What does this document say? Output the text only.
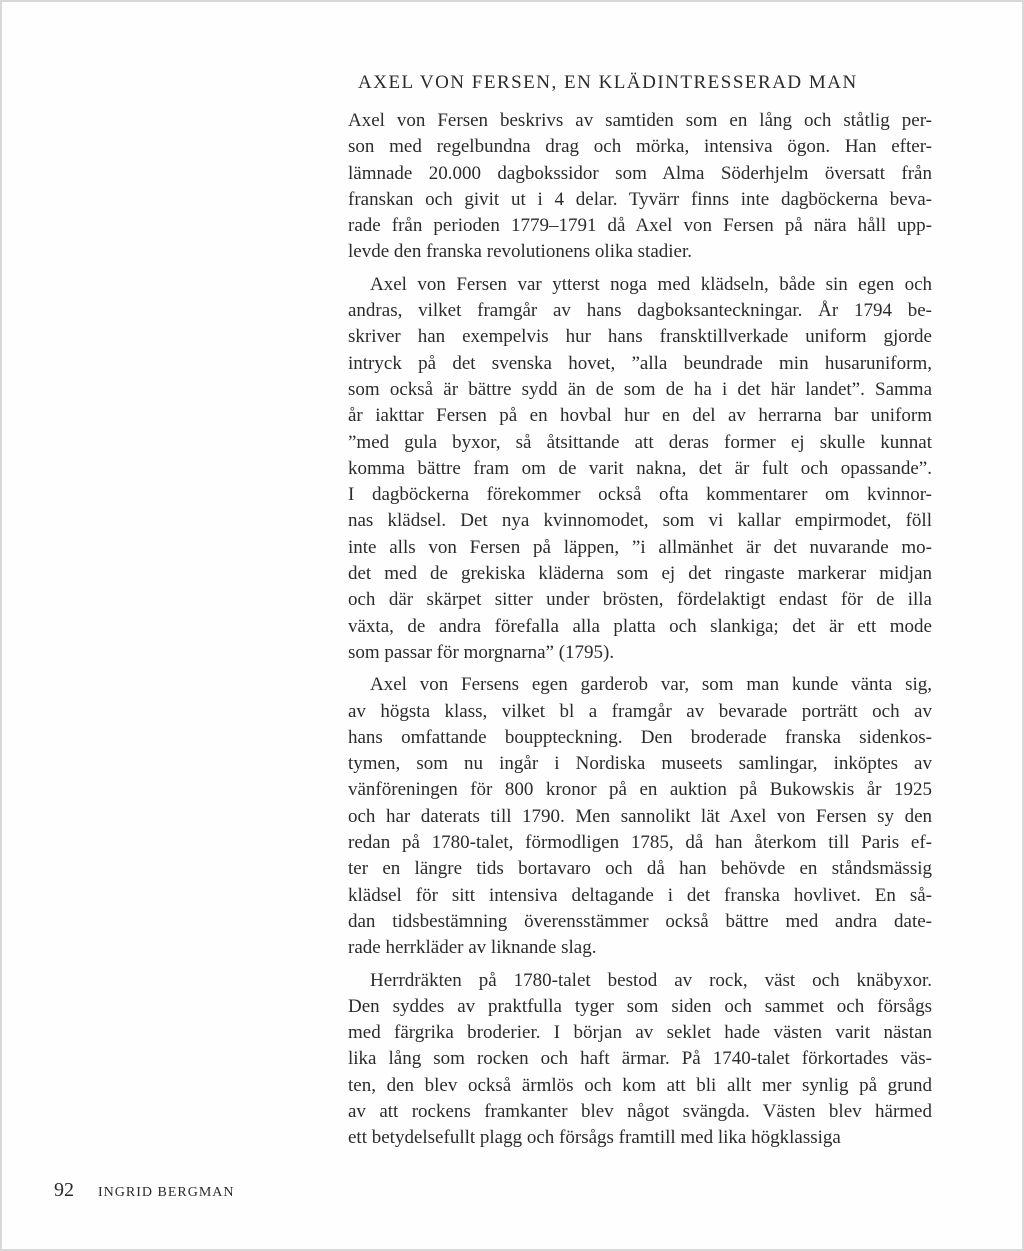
AXEL VON FERSEN, EN KLÄDINTRESSERAD MAN
Axel von Fersen beskrivs av samtiden som en lång och ståtlig per-
son med regelbundna drag och mörka, intensiva ögon. Han efter-
lämnade 20.000 dagbokssidor som Alma Söderhjelm översatt från
franskan och givit ut i 4 delar. Tyvärr finns inte dagböckerna beva-
rade från perioden 1779–1791 då Axel von Fersen på nära håll upp-
levde den franska revolutionens olika stadier.
Axel von Fersen var ytterst noga med klädseln, både sin egen och
andras, vilket framgår av hans dagboksanteckningar. År 1794 be-
skriver han exempelvis hur hans fransktillverkade uniform gjorde
intryck på det svenska hovet, ”alla beundrade min husaruniform,
som också är bättre sydd än de som de ha i det här landet”. Samma
år iakttar Fersen på en hovbal hur en del av herrarna bar uniform
”med gula byxor, så åtsittande att deras former ej skulle kunnat
komma bättre fram om de varit nakna, det är fult och opassande”.
I dagböckerna förekommer också ofta kommentarer om kvinnor-
nas klädsel. Det nya kvinnomodet, som vi kallar empirmodet, föll
inte alls von Fersen på läppen, ”i allmänhet är det nuvarande mo-
det med de grekiska kläderna som ej det ringaste markerar midjan
och där skärpet sitter under brösten, fördelaktigt endast för de illa
växta, de andra förefalla alla platta och slankiga; det är ett mode
som passar för morgnarna” (1795).
Axel von Fersens egen garderob var, som man kunde vänta sig,
av högsta klass, vilket bl a framgår av bevarade porträtt och av
hans omfattande bouppteckning. Den broderade franska sidenkos-
tymen, som nu ingår i Nordiska museets samlingar, inköptes av
vänföreningen för 800 kronor på en auktion på Bukowskis år 1925
och har daterats till 1790. Men sannolikt lät Axel von Fersen sy den
redan på 1780-talet, förmodligen 1785, då han återkom till Paris ef-
ter en längre tids bortavaro och då han behövde en ståndsmässig
klädsel för sitt intensiva deltagande i det franska hovlivet. En så-
dan tidsbestämning överensstämmer också bättre med andra date-
rade herrkläder av liknande slag.
Herrdräkten på 1780-talet bestod av rock, väst och knäbyxor.
Den syddes av praktfulla tyger som siden och sammet och försågs
med färgrika broderier. I början av seklet hade västen varit nästan
lika lång som rocken och haft ärmar. På 1740-talet förkortades väs-
ten, den blev också ärmlös och kom att bli allt mer synlig på grund
av att rockens framkanter blev något svängda. Västen blev härmed
ett betydelsefullt plagg och försågs framtill med lika högklassiga
92 INGRID BERGMAN
